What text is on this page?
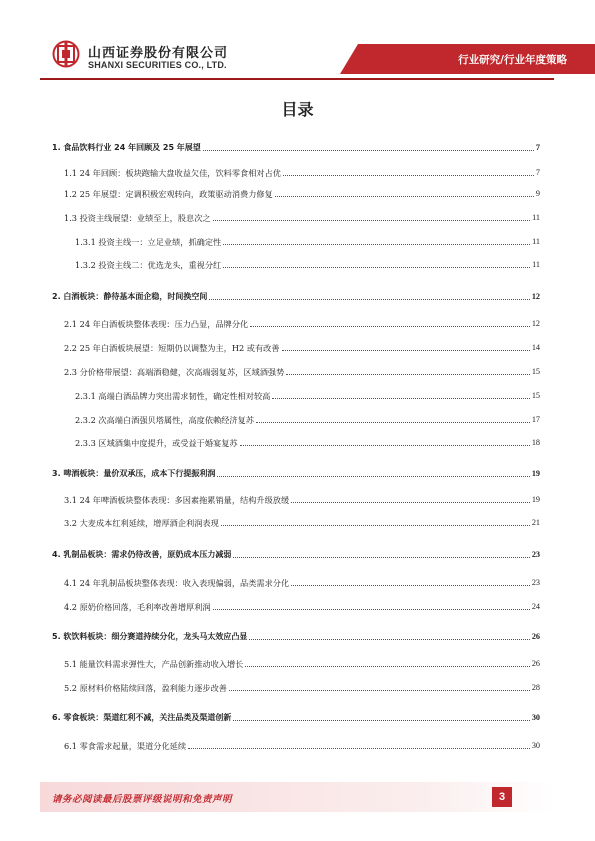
山西证券股份有限公司
SHANXI SECURITIES CO., LTD.	行业研究/行业年度策略
目录
1. 食品饮料行业 24 年回顾及 25 年展望	7
1.1 24 年回顾：板块跑输大盘收益欠佳，饮料零食相对占优	7
1.2 25 年展望：定调积极宏观转向，政策驱动消费力修复	9
1.3 投资主线展望：业绩至上，股息次之	11
1.3.1 投资主线一：立足业绩，抓确定性	11
1.3.2 投资主线二：优选龙头，重视分红	11
2. 白酒板块：静待基本面企稳，时间换空间	12
2.1 24 年白酒板块整体表现：压力凸显，品牌分化	12
2.2 25 年白酒板块展望：短期仍以调整为主，H2 或有改善	14
2.3 分价格带展望：高端酒稳健，次高端弱复苏，区域酒强势	15
2.3.1 高端白酒品牌力突出需求韧性，确定性相对较高	15
2.3.2 次高端白酒强贝塔属性，高度依赖经济复苏	17
2.3.3 区域酒集中度提升，或受益于婚宴复苏	18
3. 啤酒板块：量价双承压，成本下行提振利润	19
3.1 24 年啤酒板块整体表现：多因素拖累销量，结构升级放缓	19
3.2 大麦成本红利延续，增厚酒企利润表现	21
4. 乳制品板块：需求仍待改善，原奶成本压力减弱	23
4.1 24 年乳制品板块整体表现：收入表现偏弱，品类需求分化	23
4.2 原奶价格回落，毛利率改善增厚利润	24
5. 软饮料板块：细分赛道持续分化，龙头马太效应凸显	26
5.1 能量饮料需求弹性大，产品创新推动收入增长	26
5.2 原材料价格陆续回落，盈利能力逐步改善	28
6. 零食板块：渠道红利不减，关注品类及渠道创新	30
6.1 零食需求起量，渠道分化延续	30
请务必阅读最后股票评级说明和免责声明	3
